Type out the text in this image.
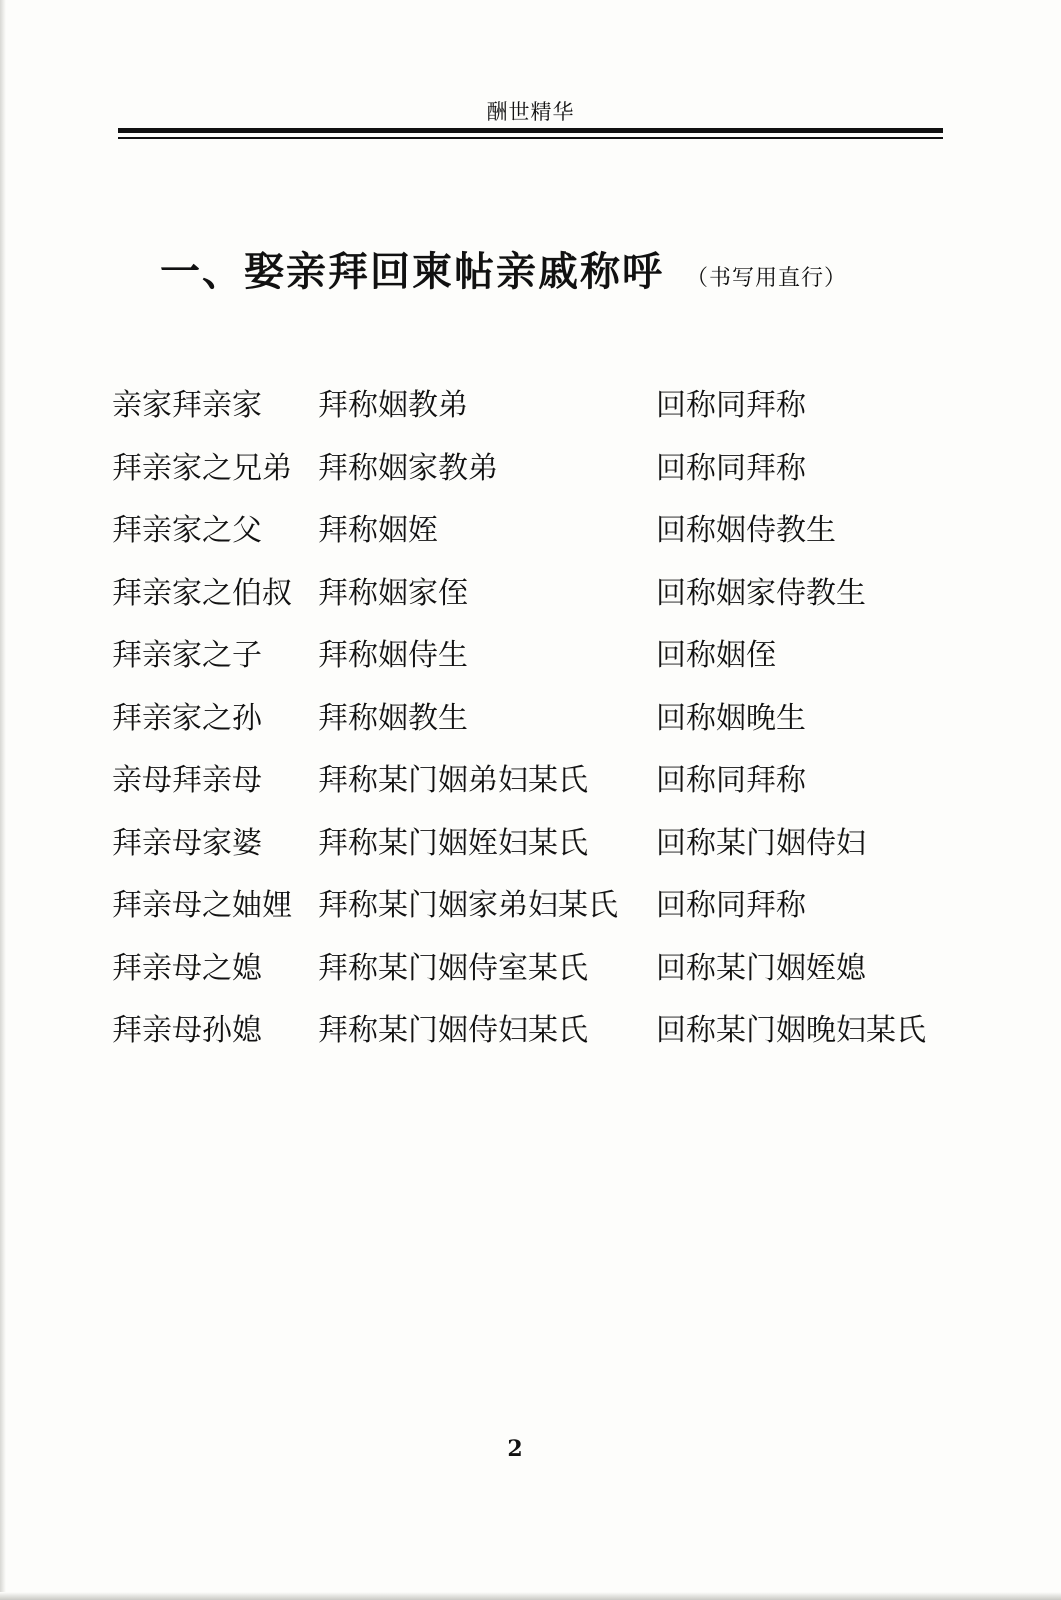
酬世精华
一、娶亲拜回柬帖亲戚称呼 （书写用直行）
亲家拜亲家 拜称姻教弟	回称同拜称
拜亲家之兄弟 拜称姻家教弟	回称同拜称
拜亲家之父 拜称姻姪	回称姻侍教生
拜亲家之伯叔 拜称姻家侄	回称姻家侍教生
拜亲家之子 拜称姻侍生	回称姻侄
拜亲家之孙 拜称姻教生	回称姻晚生
亲母拜亲母 拜称某门姻弟妇某氏 回称同拜称
拜亲母家婆 拜称某门姻姪妇某氏 回称某门姻侍妇
拜亲母之妯娌 拜称某门姻家弟妇某氏 回称同拜称
拜亲母之媳 拜称某门姻侍室某氏 回称某门姻姪媳
拜亲母孙媳 拜称某门姻侍妇某氏 回称某门姻晚妇某氏
2
